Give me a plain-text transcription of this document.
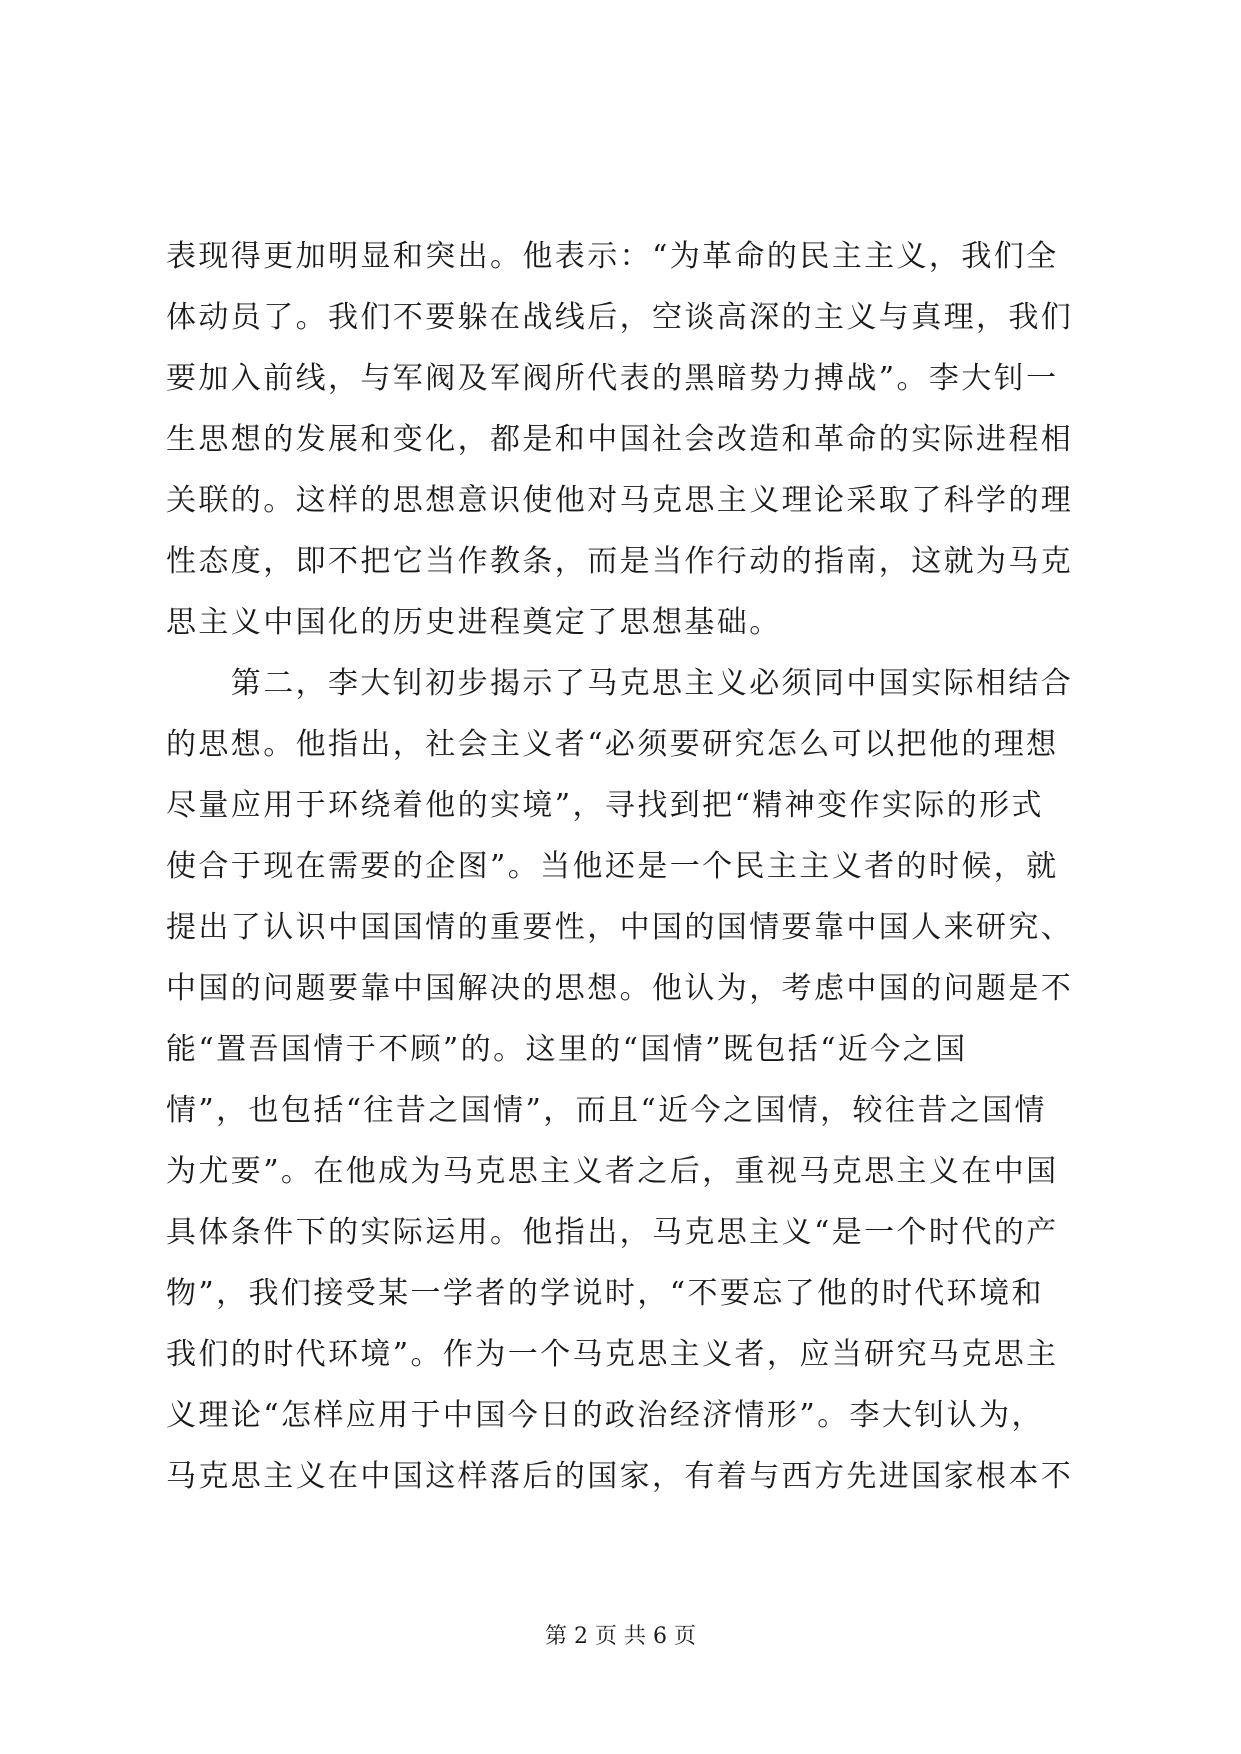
表现得更加明显和突出。他表示：“为革命的民主主义，我们全
体动员了。我们不要躲在战线后，空谈高深的主义与真理，我们
要加入前线，与军阀及军阀所代表的黑暗势力搏战”。李大钊一
生思想的发展和变化，都是和中国社会改造和革命的实际进程相
关联的。这样的思想意识使他对马克思主义理论采取了科学的理
性态度，即不把它当作教条，而是当作行动的指南，这就为马克
思主义中国化的历史进程奠定了思想基础。
　　第二，李大钊初步揭示了马克思主义必须同中国实际相结合
的思想。他指出，社会主义者“必须要研究怎么可以把他的理想
尽量应用于环绕着他的实境”，寻找到把“精神变作实际的形式
使合于现在需要的企图”。当他还是一个民主主义者的时候，就
提出了认识中国国情的重要性，中国的国情要靠中国人来研究、
中国的问题要靠中国解决的思想。他认为，考虑中国的问题是不
能“置吾国情于不顾”的。这里的“国情”既包括“近今之国
情”，也包括“往昔之国情”，而且“近今之国情，较往昔之国情
为尤要”。在他成为马克思主义者之后，重视马克思主义在中国
具体条件下的实际运用。他指出，马克思主义“是一个时代的产
物”，我们接受某一学者的学说时，“不要忘了他的时代环境和
我们的时代环境”。作为一个马克思主义者，应当研究马克思主
义理论“怎样应用于中国今日的政治经济情形”。李大钊认为，
马克思主义在中国这样落后的国家，有着与西方先进国家根本不
第 2 页 共 6 页
